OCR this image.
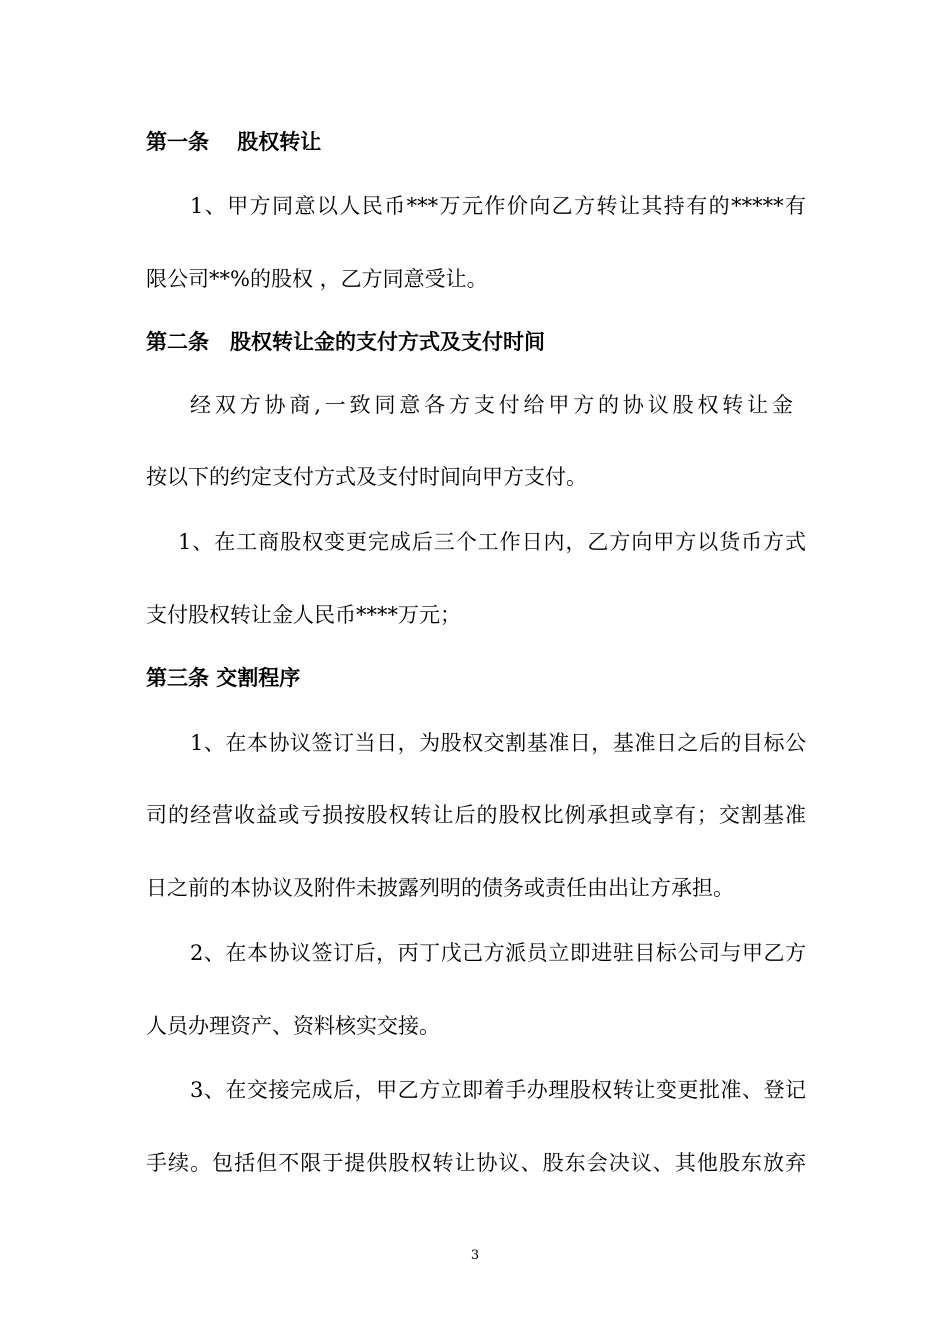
第一条　 股权转让
1、甲方同意以人民币***万元作价向乙方转让其持有的*****有
限公司**%的股权 ，乙方同意受让。
第二条　股权转让金的支付方式及支付时间
经双方协商,一致同意各方支付给甲方的协议股权转让金
按以下的约定支付方式及支付时间向甲方支付。
1、在工商股权变更完成后三个工作日内，乙方向甲方以货币方式
支付股权转让金人民币****万元；
第三条 交割程序
1、在本协议签订当日，为股权交割基准日，基准日之后的目标公
司的经营收益或亏损按股权转让后的股权比例承担或享有；交割基准
日之前的本协议及附件未披露列明的债务或责任由出让方承担。
2、在本协议签订后，丙丁戊己方派员立即进驻目标公司与甲乙方
人员办理资产、资料核实交接。
3、在交接完成后，甲乙方立即着手办理股权转让变更批准、登记
手续。包括但不限于提供股权转让协议、股东会决议、其他股东放弃
3
